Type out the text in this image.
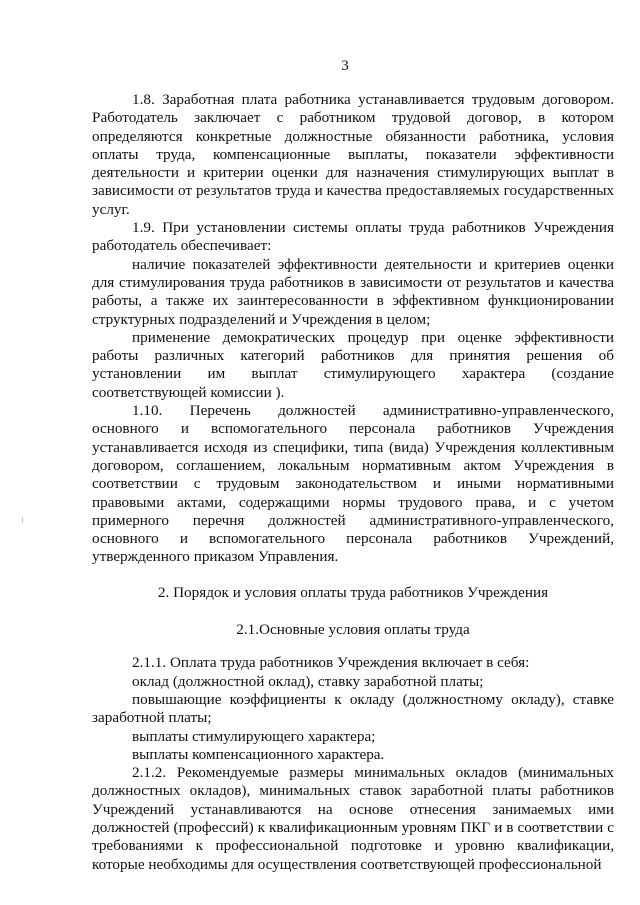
3

1.8. Заработная плата работника устанавливается трудовым договором. Работодатель заключает с работником трудовой договор, в котором определяются конкретные должностные обязанности работника, условия оплаты труда, компенсационные выплаты, показатели эффективности деятельности и критерии оценки для назначения стимулирующих выплат в зависимости от результатов труда и качества предоставляемых государственных услуг.

1.9. При установлении системы оплаты труда работников Учреждения работодатель обеспечивает:

наличие показателей эффективности деятельности и критериев оценки для стимулирования труда работников в зависимости от результатов и качества работы, а также их заинтересованности в эффективном функционировании структурных подразделений и Учреждения в целом;

применение демократических процедур при оценке эффективности работы различных категорий работников для принятия решения об установлении им выплат стимулирующего характера (создание соответствующей комиссии ).

1.10. Перечень должностей административно-управленческого, основного и вспомогательного персонала работников Учреждения устанавливается исходя из специфики, типа (вида) Учреждения коллективным договором, соглашением, локальным нормативным актом Учреждения в соответствии с трудовым законодательством и иными нормативными правовыми актами, содержащими нормы трудового права, и с учетом примерного перечня должностей административного-управленческого, основного и вспомогательного персонала работников Учреждений, утвержденного приказом Управления.

2. Порядок и условия оплаты труда работников Учреждения

2.1.Основные условия оплаты труда

2.1.1. Оплата труда работников Учреждения включает в себя:

оклад (должностной оклад), ставку заработной платы;

повышающие коэффициенты к окладу (должностному окладу), ставке заработной платы;

выплаты стимулирующего характера;

выплаты компенсационного характера.

2.1.2. Рекомендуемые размеры минимальных окладов (минимальных должностных окладов), минимальных ставок заработной платы работников Учреждений устанавливаются на основе отнесения занимаемых ими должностей (профессий) к квалификационным уровням ПКГ и в соответствии с требованиями к профессиональной подготовке и уровню квалификации, которые необходимы для осуществления соответствующей профессиональной
